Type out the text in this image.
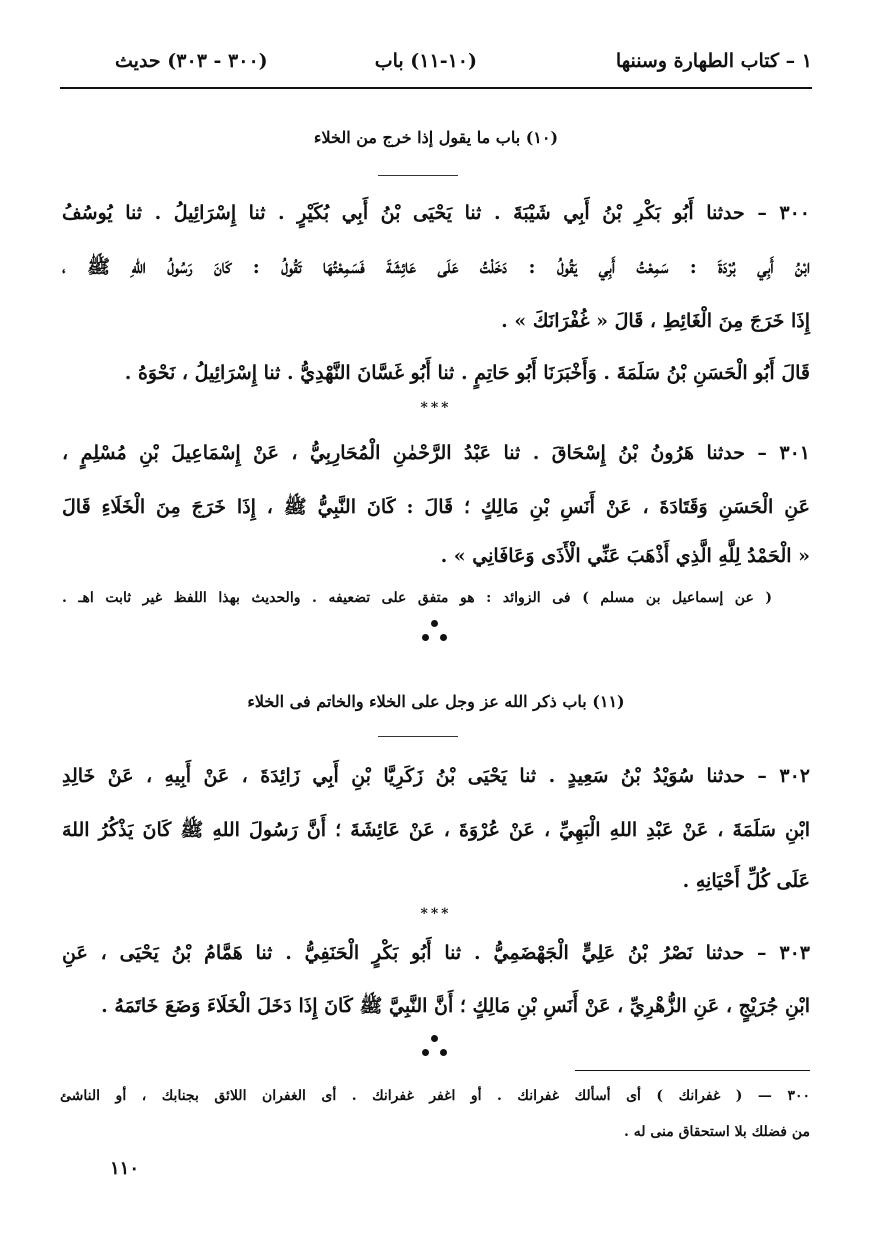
١ – كتاب الطهارة وسننها
(١٠-١١) باب
(٣٠٠ - ٣٠٣) حديث
(١٠) باب ما يقول إذا خرج من الخلاء
٣٠٠ – حدثنا أَبُو بَكْرِ بْنُ أَبِي شَيْبَةَ . ثنا يَحْيَى بْنُ أَبِي بُكَيْرٍ . ثنا إِسْرَائِيلُ . ثنا يُوسُفُ
ابْنُ أَبِي بُرْدَةَ : سَمِعْتُ أَبِي يَقُولُ : دَخَلْتُ عَلَى عَائِشَةَ فَسَمِعْتُهَا تَقُولُ : كَانَ رَسُولُ اللهِ ﷺ ،
إِذَا خَرَجَ مِنَ الْغَائِطِ ، قَالَ « غُفْرَانَكَ » .
قَالَ أَبُو الْحَسَنِ بْنُ سَلَمَةَ . وَأَخْبَرَنَا أَبُو حَاتِمٍ . ثنا أَبُو غَسَّانَ النَّهْدِيُّ . ثنا إِسْرَائِيلُ ، نَحْوَهُ .
***
٣٠١ – حدثنا هَرُونُ بْنُ إِسْحَاقَ . ثنا عَبْدُ الرَّحْمٰنِ الْمُحَارِبِيُّ ، عَنْ إِسْمَاعِيلَ بْنِ مُسْلِمٍ ،
عَنِ الْحَسَنِ وَقَتَادَةَ ، عَنْ أَنَسِ بْنِ مَالِكٍ ؛ قَالَ : كَانَ النَّبِيُّ ﷺ ، إِذَا خَرَجَ مِنَ الْخَلَاءِ قَالَ
« الْحَمْدُ لِلَّهِ الَّذِي أَذْهَبَ عَنِّي الْأَذَى وَعَافَانِي » .
( عن إسماعيل بن مسلم ) فى الزوائد : هو متفق على تضعيفه . والحديث بهذا اللفظ غير ثابت اهـ .
(١١) باب ذكر الله عز وجل على الخلاء والخاتم فى الخلاء
٣٠٢ – حدثنا سُوَيْدُ بْنُ سَعِيدٍ . ثنا يَحْيَى بْنُ زَكَرِيَّا بْنِ أَبِي زَائِدَةَ ، عَنْ أَبِيهِ ، عَنْ خَالِدِ
ابْنِ سَلَمَةَ ، عَنْ عَبْدِ اللهِ الْبَهِيِّ ، عَنْ عُرْوَةَ ، عَنْ عَائِشَةَ ؛ أَنَّ رَسُولَ اللهِ ﷺ كَانَ يَذْكُرُ اللهَ
عَلَى كُلِّ أَحْيَانِهِ .
***
٣٠٣ – حدثنا نَصْرُ بْنُ عَلِيٍّ الْجَهْضَمِيُّ . ثنا أَبُو بَكْرٍ الْحَنَفِيُّ . ثنا هَمَّامُ بْنُ يَحْيَى ، عَنِ
ابْنِ جُرَيْجٍ ، عَنِ الزُّهْرِيِّ ، عَنْ أَنَسِ بْنِ مَالِكٍ ؛ أَنَّ النَّبِيَّ ﷺ كَانَ إِذَا دَخَلَ الْخَلَاءَ وَضَعَ خَاتَمَهُ .
٣٠٠ — ( غفرانك ) أى أسألك غفرانك . أو اغفر غفرانك . أى الغفران اللائق بجنابك ، أو الناشئ
من فضلك بلا استحقاق منى له .
١١٠
